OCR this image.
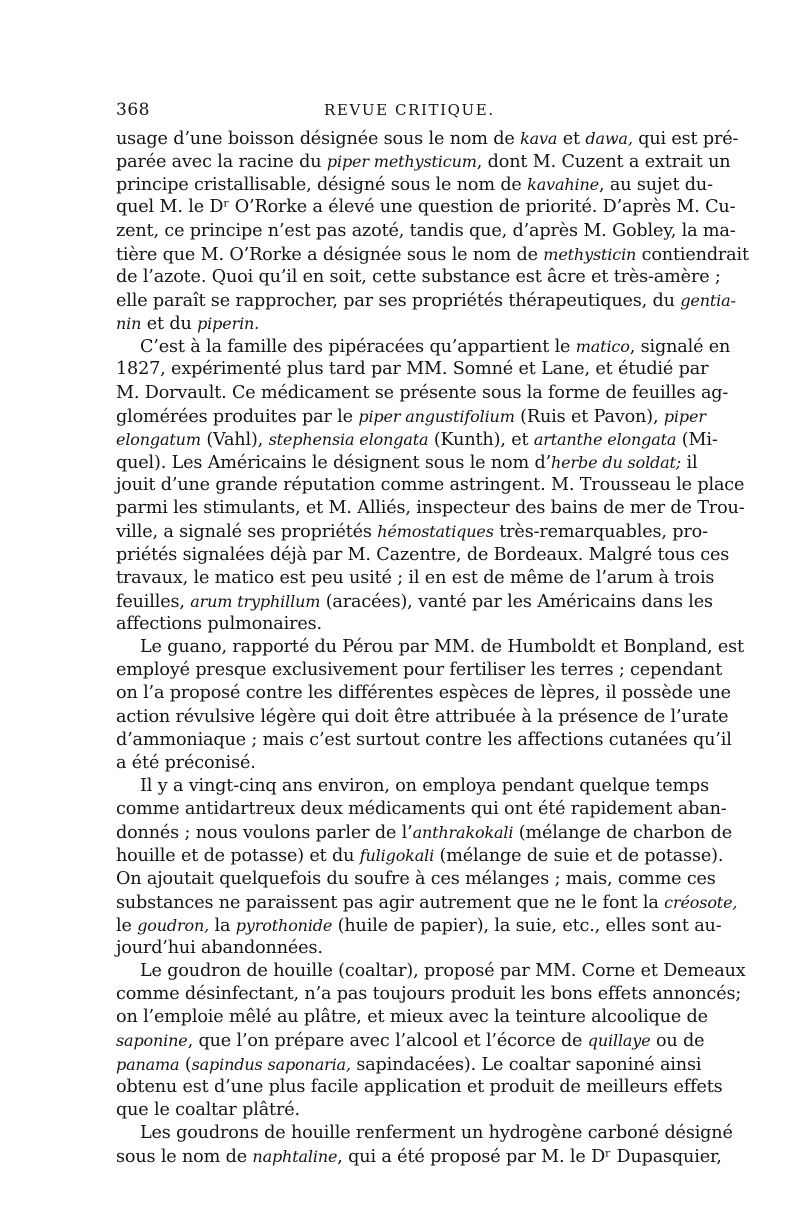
368	REVUE CRITIQUE.
usage d’une boisson désignée sous le nom de kava et dawa, qui est pré-
parée avec la racine du piper methysticum, dont M. Cuzent a extrait un
principe cristallisable, désigné sous le nom de kavahine, au sujet du-
quel M. le Dʳ O’Rorke a élevé une question de priorité. D’après M. Cu-
zent, ce principe n’est pas azoté, tandis que, d’après M. Gobley, la ma-
tière que M. O’Rorke a désignée sous le nom de methysticin contiendrait
de l’azote. Quoi qu’il en soit, cette substance est âcre et très-amère ;
elle paraît se rapprocher, par ses propriétés thérapeutiques, du gentia-
nin et du piperin.
C’est à la famille des pipéracées qu’appartient le matico, signalé en
1827, expérimenté plus tard par MM. Somné et Lane, et étudié par
M. Dorvault. Ce médicament se présente sous la forme de feuilles ag-
glomérées produites par le piper angustifolium (Ruis et Pavon), piper
elongatum (Vahl), stephensia elongata (Kunth), et artanthe elongata (Mi-
quel). Les Américains le désignent sous le nom d’herbe du soldat; il
jouit d’une grande réputation comme astringent. M. Trousseau le place
parmi les stimulants, et M. Alliés, inspecteur des bains de mer de Trou-
ville, a signalé ses propriétés hémostatiques très-remarquables, pro-
priétés signalées déjà par M. Cazentre, de Bordeaux. Malgré tous ces
travaux, le matico est peu usité ; il en est de même de l’arum à trois
feuilles, arum tryphillum (aracées), vanté par les Américains dans les
affections pulmonaires.
Le guano, rapporté du Pérou par MM. de Humboldt et Bonpland, est
employé presque exclusivement pour fertiliser les terres ; cependant
on l’a proposé contre les différentes espèces de lèpres, il possède une
action révulsive légère qui doit être attribuée à la présence de l’urate
d’ammoniaque ; mais c’est surtout contre les affections cutanées qu’il
a été préconisé.
Il y a vingt-cinq ans environ, on employa pendant quelque temps
comme antidartreux deux médicaments qui ont été rapidement aban-
donnés ; nous voulons parler de l’anthrakokali (mélange de charbon de
houille et de potasse) et du fuligokali (mélange de suie et de potasse).
On ajoutait quelquefois du soufre à ces mélanges ; mais, comme ces
substances ne paraissent pas agir autrement que ne le font la créosote,
le goudron, la pyrothonide (huile de papier), la suie, etc., elles sont au-
jourd’hui abandonnées.
Le goudron de houille (coaltar), proposé par MM. Corne et Demeaux
comme désinfectant, n’a pas toujours produit les bons effets annoncés;
on l’emploie mêlé au plâtre, et mieux avec la teinture alcoolique de
saponine, que l’on prépare avec l’alcool et l’écorce de quillaye ou de
panama (sapindus saponaria, sapindacées). Le coaltar saponiné ainsi
obtenu est d’une plus facile application et produit de meilleurs effets
que le coaltar plâtré.
Les goudrons de houille renferment un hydrogène carboné désigné
sous le nom de naphtaline, qui a été proposé par M. le Dʳ Dupasquier,
